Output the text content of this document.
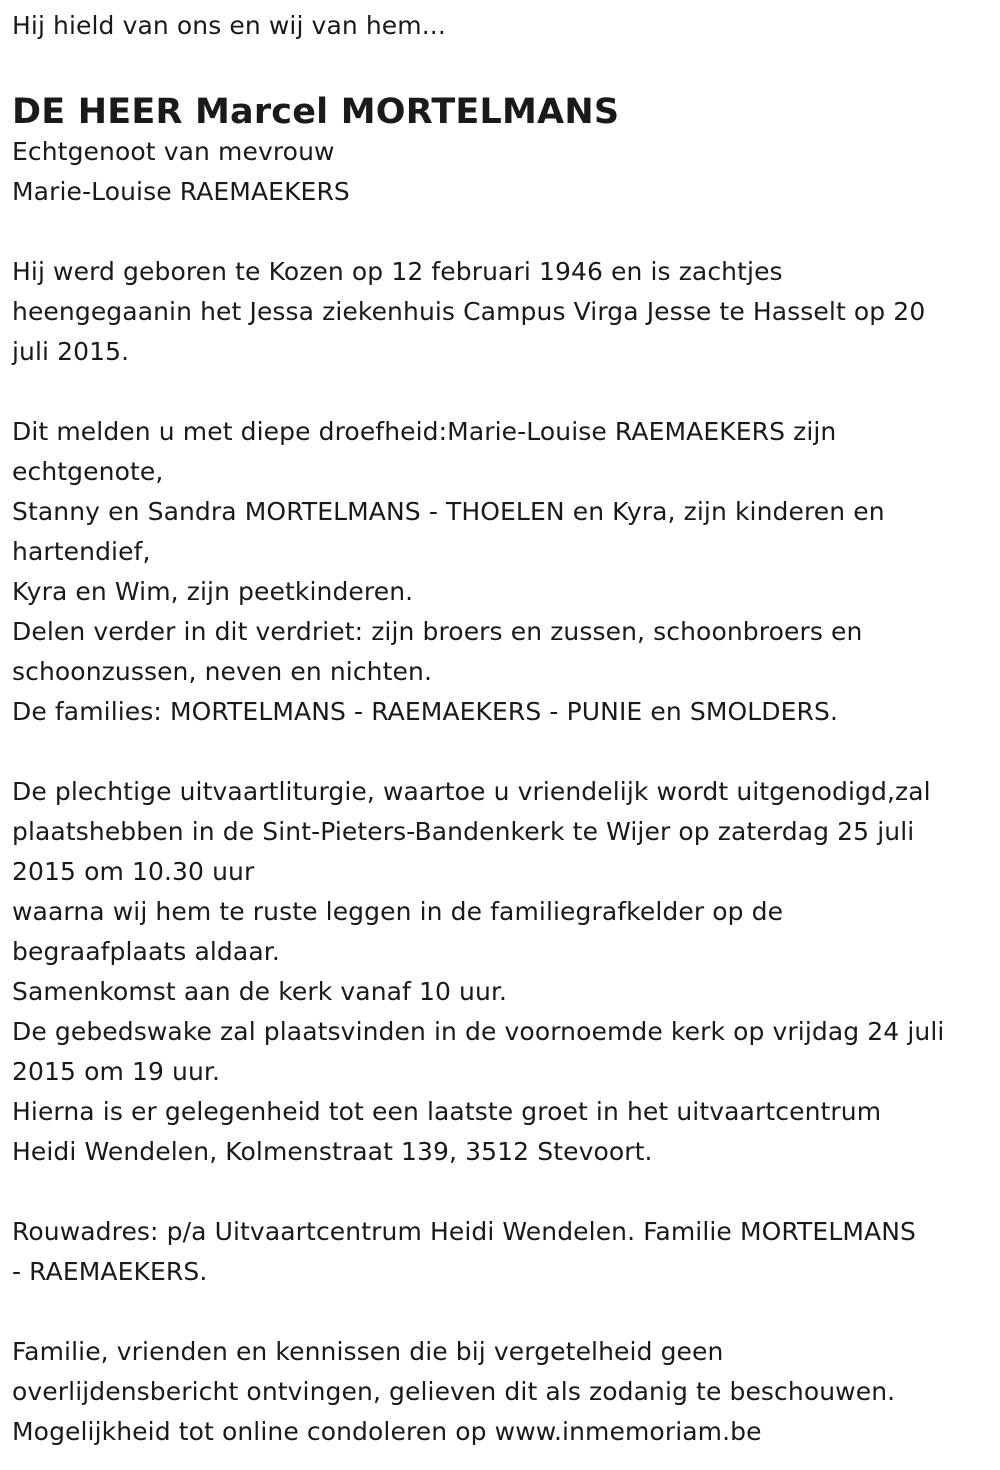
Hij hield van ons en wij van hem...
DE HEER Marcel MORTELMANS
Echtgenoot van mevrouw
Marie-Louise RAEMAEKERS
Hij werd geboren te Kozen op 12 februari 1946 en is zachtjes
heengegaanin het Jessa ziekenhuis Campus Virga Jesse te Hasselt op 20
juli 2015.
Dit melden u met diepe droefheid:Marie-Louise RAEMAEKERS zijn
echtgenote,
Stanny en Sandra MORTELMANS - THOELEN en Kyra, zijn kinderen en
hartendief,
Kyra en Wim, zijn peetkinderen.
Delen verder in dit verdriet: zijn broers en zussen, schoonbroers en
schoonzussen, neven en nichten.
De families: MORTELMANS - RAEMAEKERS - PUNIE en SMOLDERS.
De plechtige uitvaartliturgie, waartoe u vriendelijk wordt uitgenodigd,zal
plaatshebben in de Sint-Pieters-Bandenkerk te Wijer op zaterdag 25 juli
2015 om 10.30 uur
waarna wij hem te ruste leggen in de familiegrafkelder op de
begraafplaats aldaar.
Samenkomst aan de kerk vanaf 10 uur.
De gebedswake zal plaatsvinden in de voornoemde kerk op vrijdag 24 juli
2015 om 19 uur.
Hierna is er gelegenheid tot een laatste groet in het uitvaartcentrum
Heidi Wendelen, Kolmenstraat 139, 3512 Stevoort.
Rouwadres: p/a Uitvaartcentrum Heidi Wendelen. Familie MORTELMANS
- RAEMAEKERS.
Familie, vrienden en kennissen die bij vergetelheid geen
overlijdensbericht ontvingen, gelieven dit als zodanig te beschouwen.
Mogelijkheid tot online condoleren op www.inmemoriam.be
